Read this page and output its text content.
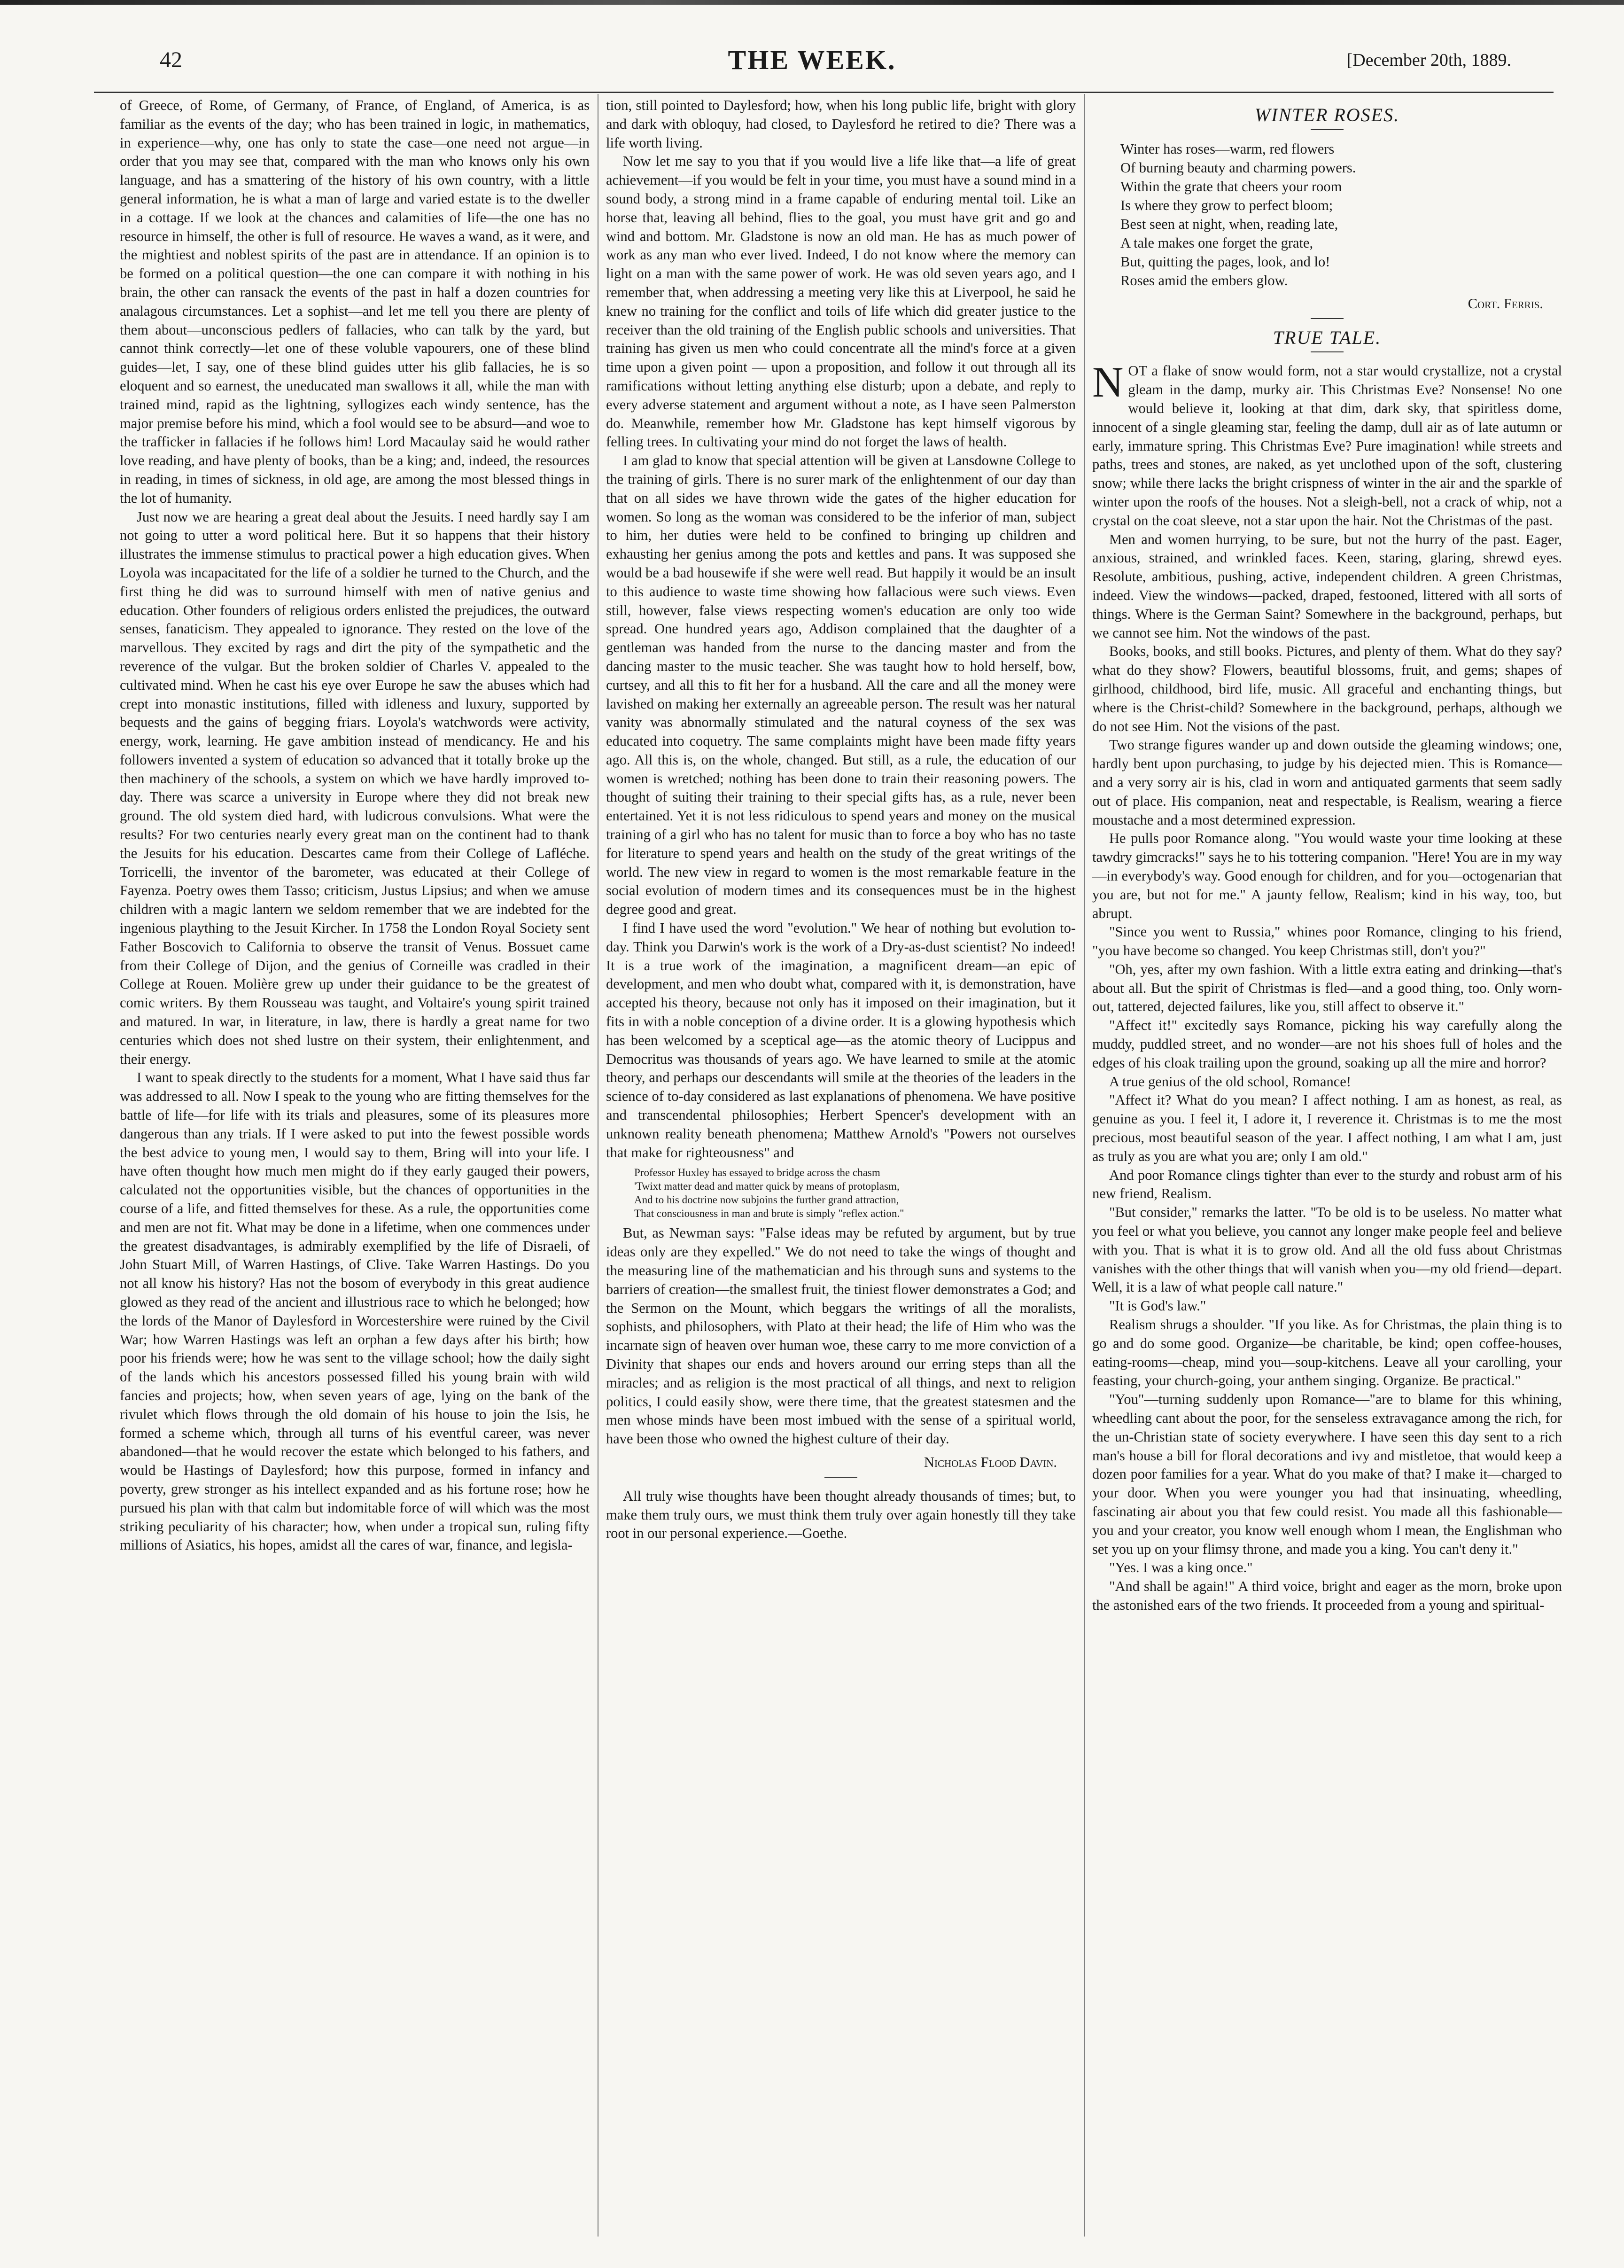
42	THE WEEK.	[December 20th, 1889.

of Greece, of Rome, of Germany, of France, of England, of America, is as familiar as the events of the day; who has been trained in logic, in mathematics, in experience—why, one has only to state the case—one need not argue—in order that you may see that, compared with the man who knows only his own language, and has a smattering of the history of his own country, with a little general information, he is what a man of large and varied estate is to the dweller in a cottage. If we look at the chances and calamities of life—the one has no resource in himself, the other is full of resource. He waves a wand, as it were, and the mightiest and noblest spirits of the past are in attendance. If an opinion is to be formed on a political question—the one can compare it with nothing in his brain, the other can ransack the events of the past in half a dozen countries for analagous circumstances. Let a sophist—and let me tell you there are plenty of them about—unconscious pedlers of fallacies, who can talk by the yard, but cannot think correctly—let one of these voluble vapourers, one of these blind guides—let, I say, one of these blind guides utter his glib fallacies, he is so eloquent and so earnest, the uneducated man swallows it all, while the man with trained mind, rapid as the lightning, syllogizes each windy sentence, has the major premise before his mind, which a fool would see to be absurd—and woe to the trafficker in fallacies if he follows him! Lord Macaulay said he would rather love reading, and have plenty of books, than be a king; and, indeed, the resources in reading, in times of sickness, in old age, are among the most blessed things in the lot of humanity.

Just now we are hearing a great deal about the Jesuits. I need hardly say I am not going to utter a word political here. But it so happens that their history illustrates the immense stimulus to practical power a high education gives. When Loyola was incapacitated for the life of a soldier he turned to the Church, and the first thing he did was to surround himself with men of native genius and education. Other founders of religious orders enlisted the prejudices, the outward senses, fanaticism. They appealed to ignorance. They rested on the love of the marvellous. They excited by rags and dirt the pity of the sympathetic and the reverence of the vulgar. But the broken soldier of Charles V. appealed to the cultivated mind. When he cast his eye over Europe he saw the abuses which had crept into monastic institutions, filled with idleness and luxury, supported by bequests and the gains of begging friars. Loyola's watchwords were activity, energy, work, learning. He gave ambition instead of mendicancy. He and his followers invented a system of education so advanced that it totally broke up the then machinery of the schools, a system on which we have hardly improved to-day. There was scarce a university in Europe where they did not break new ground. The old system died hard, with ludicrous convulsions. What were the results? For two centuries nearly every great man on the continent had to thank the Jesuits for his education. Descartes came from their College of Lafléche. Torricelli, the inventor of the barometer, was educated at their College of Fayenza. Poetry owes them Tasso; criticism, Justus Lipsius; and when we amuse children with a magic lantern we seldom remember that we are indebted for the ingenious plaything to the Jesuit Kircher. In 1758 the London Royal Society sent Father Boscovich to California to observe the transit of Venus. Bossuet came from their College of Dijon, and the genius of Corneille was cradled in their College at Rouen. Molière grew up under their guidance to be the greatest of comic writers. By them Rousseau was taught, and Voltaire's young spirit trained and matured. In war, in literature, in law, there is hardly a great name for two centuries which does not shed lustre on their system, their enlightenment, and their energy.

I want to speak directly to the students for a moment, What I have said thus far was addressed to all. Now I speak to the young who are fitting themselves for the battle of life—for life with its trials and pleasures, some of its pleasures more dangerous than any trials. If I were asked to put into the fewest possible words the best advice to young men, I would say to them, Bring will into your life. I have often thought how much men might do if they early gauged their powers, calculated not the opportunities visible, but the chances of opportunities in the course of a life, and fitted themselves for these. As a rule, the opportunities come and men are not fit. What may be done in a lifetime, when one commences under the greatest disadvantages, is admirably exemplified by the life of Disraeli, of John Stuart Mill, of Warren Hastings, of Clive. Take Warren Hastings. Do you not all know his history? Has not the bosom of everybody in this great audience glowed as they read of the ancient and illustrious race to which he belonged; how the lords of the Manor of Daylesford in Worcestershire were ruined by the Civil War; how Warren Hastings was left an orphan a few days after his birth; how poor his friends were; how he was sent to the village school; how the daily sight of the lands which his ancestors possessed filled his young brain with wild fancies and projects; how, when seven years of age, lying on the bank of the rivulet which flows through the old domain of his house to join the Isis, he formed a scheme which, through all turns of his eventful career, was never abandoned—that he would recover the estate which belonged to his fathers, and would be Hastings of Daylesford; how this purpose, formed in infancy and poverty, grew stronger as his intellect expanded and as his fortune rose; how he pursued his plan with that calm but indomitable force of will which was the most striking peculiarity of his character; how, when under a tropical sun, ruling fifty millions of Asiatics, his hopes, amidst all the cares of war, finance, and legisla-

tion, still pointed to Daylesford; how, when his long public life, bright with glory and dark with obloquy, had closed, to Daylesford he retired to die? There was a life worth living.

Now let me say to you that if you would live a life like that—a life of great achievement—if you would be felt in your time, you must have a sound mind in a sound body, a strong mind in a frame capable of enduring mental toil. Like an horse that, leaving all behind, flies to the goal, you must have grit and go and wind and bottom. Mr. Gladstone is now an old man. He has as much power of work as any man who ever lived. Indeed, I do not know where the memory can light on a man with the same power of work. He was old seven years ago, and I remember that, when addressing a meeting very like this at Liverpool, he said he knew no training for the conflict and toils of life which did greater justice to the receiver than the old training of the English public schools and universities. That training has given us men who could concentrate all the mind's force at a given time upon a given point — upon a proposition, and follow it out through all its ramifications without letting anything else disturb; upon a debate, and reply to every adverse statement and argument without a note, as I have seen Palmerston do. Meanwhile, remember how Mr. Gladstone has kept himself vigorous by felling trees. In cultivating your mind do not forget the laws of health.

I am glad to know that special attention will be given at Lansdowne College to the training of girls. There is no surer mark of the enlightenment of our day than that on all sides we have thrown wide the gates of the higher education for women. So long as the woman was considered to be the inferior of man, subject to him, her duties were held to be confined to bringing up children and exhausting her genius among the pots and kettles and pans. It was supposed she would be a bad housewife if she were well read. But happily it would be an insult to this audience to waste time showing how fallacious were such views. Even still, however, false views respecting women's education are only too wide spread. One hundred years ago, Addison complained that the daughter of a gentleman was handed from the nurse to the dancing master and from the dancing master to the music teacher. She was taught how to hold herself, bow, curtsey, and all this to fit her for a husband. All the care and all the money were lavished on making her externally an agreeable person. The result was her natural vanity was abnormally stimulated and the natural coyness of the sex was educated into coquetry. The same complaints might have been made fifty years ago. All this is, on the whole, changed. But still, as a rule, the education of our women is wretched; nothing has been done to train their reasoning powers. The thought of suiting their training to their special gifts has, as a rule, never been entertained. Yet it is not less ridiculous to spend years and money on the musical training of a girl who has no talent for music than to force a boy who has no taste for literature to spend years and health on the study of the great writings of the world. The new view in regard to women is the most remarkable feature in the social evolution of modern times and its consequences must be in the highest degree good and great.

I find I have used the word "evolution." We hear of nothing but evolution to-day. Think you Darwin's work is the work of a Dry-as-dust scientist? No indeed! It is a true work of the imagination, a magnificent dream—an epic of development, and men who doubt what, compared with it, is demonstration, have accepted his theory, because not only has it imposed on their imagination, but it fits in with a noble conception of a divine order. It is a glowing hypothesis which has been welcomed by a sceptical age—as the atomic theory of Lucippus and Democritus was thousands of years ago. We have learned to smile at the atomic theory, and perhaps our descendants will smile at the theories of the leaders in the science of to-day considered as last explanations of phenomena. We have positive and transcendental philosophies; Herbert Spencer's development with an unknown reality beneath phenomena; Matthew Arnold's "Powers not ourselves that make for righteousness" and

Professor Huxley has essayed to bridge across the chasm
'Twixt matter dead and matter quick by means of protoplasm,
And to his doctrine now subjoins the further grand attraction,
That consciousness in man and brute is simply "reflex action."

But, as Newman says: "False ideas may be refuted by argument, but by true ideas only are they expelled." We do not need to take the wings of thought and the measuring line of the mathematician and his through suns and systems to the barriers of creation—the smallest fruit, the tiniest flower demonstrates a God; and the Sermon on the Mount, which beggars the writings of all the moralists, sophists, and philosophers, with Plato at their head; the life of Him who was the incarnate sign of heaven over human woe, these carry to me more conviction of a Divinity that shapes our ends and hovers around our erring steps than all the miracles; and as religion is the most practical of all things, and next to religion politics, I could easily show, were there time, that the greatest statesmen and the men whose minds have been most imbued with the sense of a spiritual world, have been those who owned the highest culture of their day.

Nicholas Flood Davin.

All truly wise thoughts have been thought already thousands of times; but, to make them truly ours, we must think them truly over again honestly till they take root in our personal experience.—Goethe.

WINTER ROSES.
Winter has roses—warm, red flowers
Of burning beauty and charming powers.
Within the grate that cheers your room
Is where they grow to perfect bloom;
Best seen at night, when, reading late,
A tale makes one forget the grate,
But, quitting the pages, look, and lo!
Roses amid the embers glow.

Cort. Ferris.

TRUE TALE.

NOT a flake of snow would form, not a star would crystallize, not a crystal gleam in the damp, murky air. This Christmas Eve? Nonsense! No one would believe it, looking at that dim, dark sky, that spiritless dome, innocent of a single gleaming star, feeling the damp, dull air as of late autumn or early, immature spring. This Christmas Eve? Pure imagination! while streets and paths, trees and stones, are naked, as yet unclothed upon of the soft, clustering snow; while there lacks the bright crispness of winter in the air and the sparkle of winter upon the roofs of the houses. Not a sleigh-bell, not a crack of whip, not a crystal on the coat sleeve, not a star upon the hair. Not the Christmas of the past.

Men and women hurrying, to be sure, but not the hurry of the past. Eager, anxious, strained, and wrinkled faces. Keen, staring, glaring, shrewd eyes. Resolute, ambitious, pushing, active, independent children. A green Christmas, indeed. View the windows—packed, draped, festooned, littered with all sorts of things. Where is the German Saint? Somewhere in the background, perhaps, but we cannot see him. Not the windows of the past.

Books, books, and still books. Pictures, and plenty of them. What do they say? what do they show? Flowers, beautiful blossoms, fruit, and gems; shapes of girlhood, childhood, bird life, music. All graceful and enchanting things, but where is the Christ-child? Somewhere in the background, perhaps, although we do not see Him. Not the visions of the past.

Two strange figures wander up and down outside the gleaming windows; one, hardly bent upon purchasing, to judge by his dejected mien. This is Romance—and a very sorry air is his, clad in worn and antiquated garments that seem sadly out of place. His companion, neat and respectable, is Realism, wearing a fierce moustache and a most determined expression.

He pulls poor Romance along. "You would waste your time looking at these tawdry gimcracks!" says he to his tottering companion. "Here! You are in my way—in everybody's way. Good enough for children, and for you—octogenarian that you are, but not for me." A jaunty fellow, Realism; kind in his way, too, but abrupt.

"Since you went to Russia," whines poor Romance, clinging to his friend, "you have become so changed. You keep Christmas still, don't you?"

"Oh, yes, after my own fashion. With a little extra eating and drinking—that's about all. But the spirit of Christmas is fled—and a good thing, too. Only worn-out, tattered, dejected failures, like you, still affect to observe it."

"Affect it!" excitedly says Romance, picking his way carefully along the muddy, puddled street, and no wonder—are not his shoes full of holes and the edges of his cloak trailing upon the ground, soaking up all the mire and horror?

A true genius of the old school, Romance!

"Affect it? What do you mean? I affect nothing. I am as honest, as real, as genuine as you. I feel it, I adore it, I reverence it. Christmas is to me the most precious, most beautiful season of the year. I affect nothing, I am what I am, just as truly as you are what you are; only I am old."

And poor Romance clings tighter than ever to the sturdy and robust arm of his new friend, Realism.

"But consider," remarks the latter. "To be old is to be useless. No matter what you feel or what you believe, you cannot any longer make people feel and believe with you. That is what it is to grow old. And all the old fuss about Christmas vanishes with the other things that will vanish when you—my old friend—depart. Well, it is a law of what people call nature."

"It is God's law."

Realism shrugs a shoulder. "If you like. As for Christmas, the plain thing is to go and do some good. Organize—be charitable, be kind; open coffee-houses, eating-rooms—cheap, mind you—soup-kitchens. Leave all your carolling, your feasting, your church-going, your anthem singing. Organize. Be practical."

"You"—turning suddenly upon Romance—"are to blame for this whining, wheedling cant about the poor, for the senseless extravagance among the rich, for the un-Christian state of society everywhere. I have seen this day sent to a rich man's house a bill for floral decorations and ivy and mistletoe, that would keep a dozen poor families for a year. What do you make of that? I make it—charged to your door. When you were younger you had that insinuating, wheedling, fascinating air about you that few could resist. You made all this fashionable—you and your creator, you know well enough whom I mean, the Englishman who set you up on your flimsy throne, and made you a king. You can't deny it."

"Yes. I was a king once."

"And shall be again!" A third voice, bright and eager as the morn, broke upon the astonished ears of the two friends. It proceeded from a young and spiritual-
